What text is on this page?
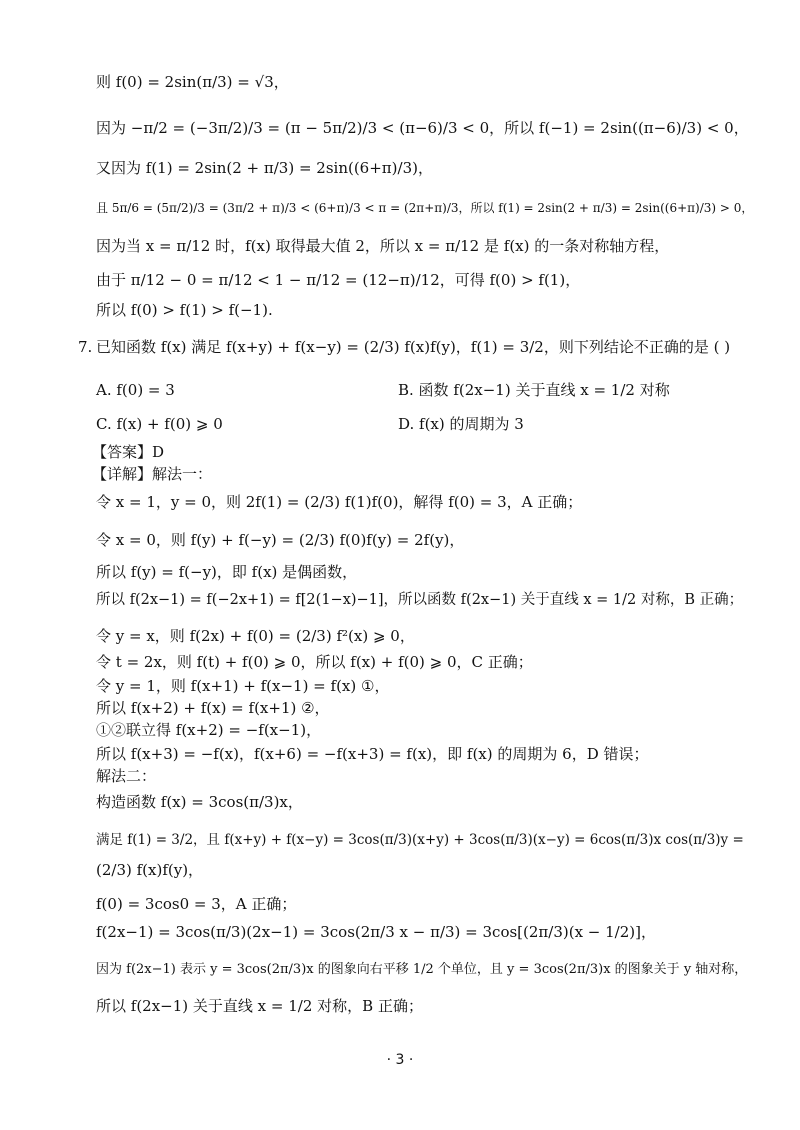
则 f(0) = 2sin(π/3) = √3，
因为 −π/2 = (−3π/2)/3 = (π − 5π/2)/3 < (π−6)/3 < 0，所以 f(−1) = 2sin((π−6)/3) < 0，
又因为 f(1) = 2sin(2 + π/3) = 2sin((6+π)/3)，
且 5π/6 = (5π/2)/3 = (3π/2 + π)/3 < (6+π)/3 < π = (2π+π)/3，所以 f(1) = 2sin(2 + π/3) = 2sin((6+π)/3) > 0，
因为当 x = π/12 时，f(x) 取得最大值 2，所以 x = π/12 是 f(x) 的一条对称轴方程，
由于 π/12 − 0 = π/12 < 1 − π/12 = (12−π)/12，可得 f(0) > f(1)，
所以 f(0) > f(1) > f(−1).
7. 已知函数 f(x) 满足 f(x+y) + f(x−y) = (2/3) f(x)f(y)，f(1) = 3/2，则下列结论不正确的是 ( )
A. f(0) = 3	B. 函数 f(2x−1) 关于直线 x = 1/2 对称
C. f(x) + f(0) ⩾ 0	D. f(x) 的周期为 3
【答案】D
【详解】解法一：
令 x = 1，y = 0，则 2f(1) = (2/3) f(1)f(0)，解得 f(0) = 3，A 正确；
令 x = 0，则 f(y) + f(−y) = (2/3) f(0)f(y) = 2f(y)，
所以 f(y) = f(−y)，即 f(x) 是偶函数，
所以 f(2x−1) = f(−2x+1) = f[2(1−x)−1]，所以函数 f(2x−1) 关于直线 x = 1/2 对称，B 正确；
令 y = x，则 f(2x) + f(0) = (2/3) f²(x) ⩾ 0，
令 t = 2x，则 f(t) + f(0) ⩾ 0，所以 f(x) + f(0) ⩾ 0，C 正确；
令 y = 1，则 f(x+1) + f(x−1) = f(x) ①，
所以 f(x+2) + f(x) = f(x+1) ②，
①②联立得 f(x+2) = −f(x−1)，
所以 f(x+3) = −f(x)，f(x+6) = −f(x+3) = f(x)，即 f(x) 的周期为 6，D 错误；
解法二：
构造函数 f(x) = 3cos(π/3)x，
满足 f(1) = 3/2，且 f(x+y) + f(x−y) = 3cos(π/3)(x+y) + 3cos(π/3)(x−y) = 6cos(π/3)x cos(π/3)y =
(2/3) f(x)f(y)，
f(0) = 3cos0 = 3，A 正确；
f(2x−1) = 3cos(π/3)(2x−1) = 3cos(2π/3 x − π/3) = 3cos[(2π/3)(x − 1/2)]，
因为 f(2x−1) 表示 y = 3cos(2π/3)x 的图象向右平移 1/2 个单位，且 y = 3cos(2π/3)x 的图象关于 y 轴对称，
所以 f(2x−1) 关于直线 x = 1/2 对称，B 正确；
· 3 ·
